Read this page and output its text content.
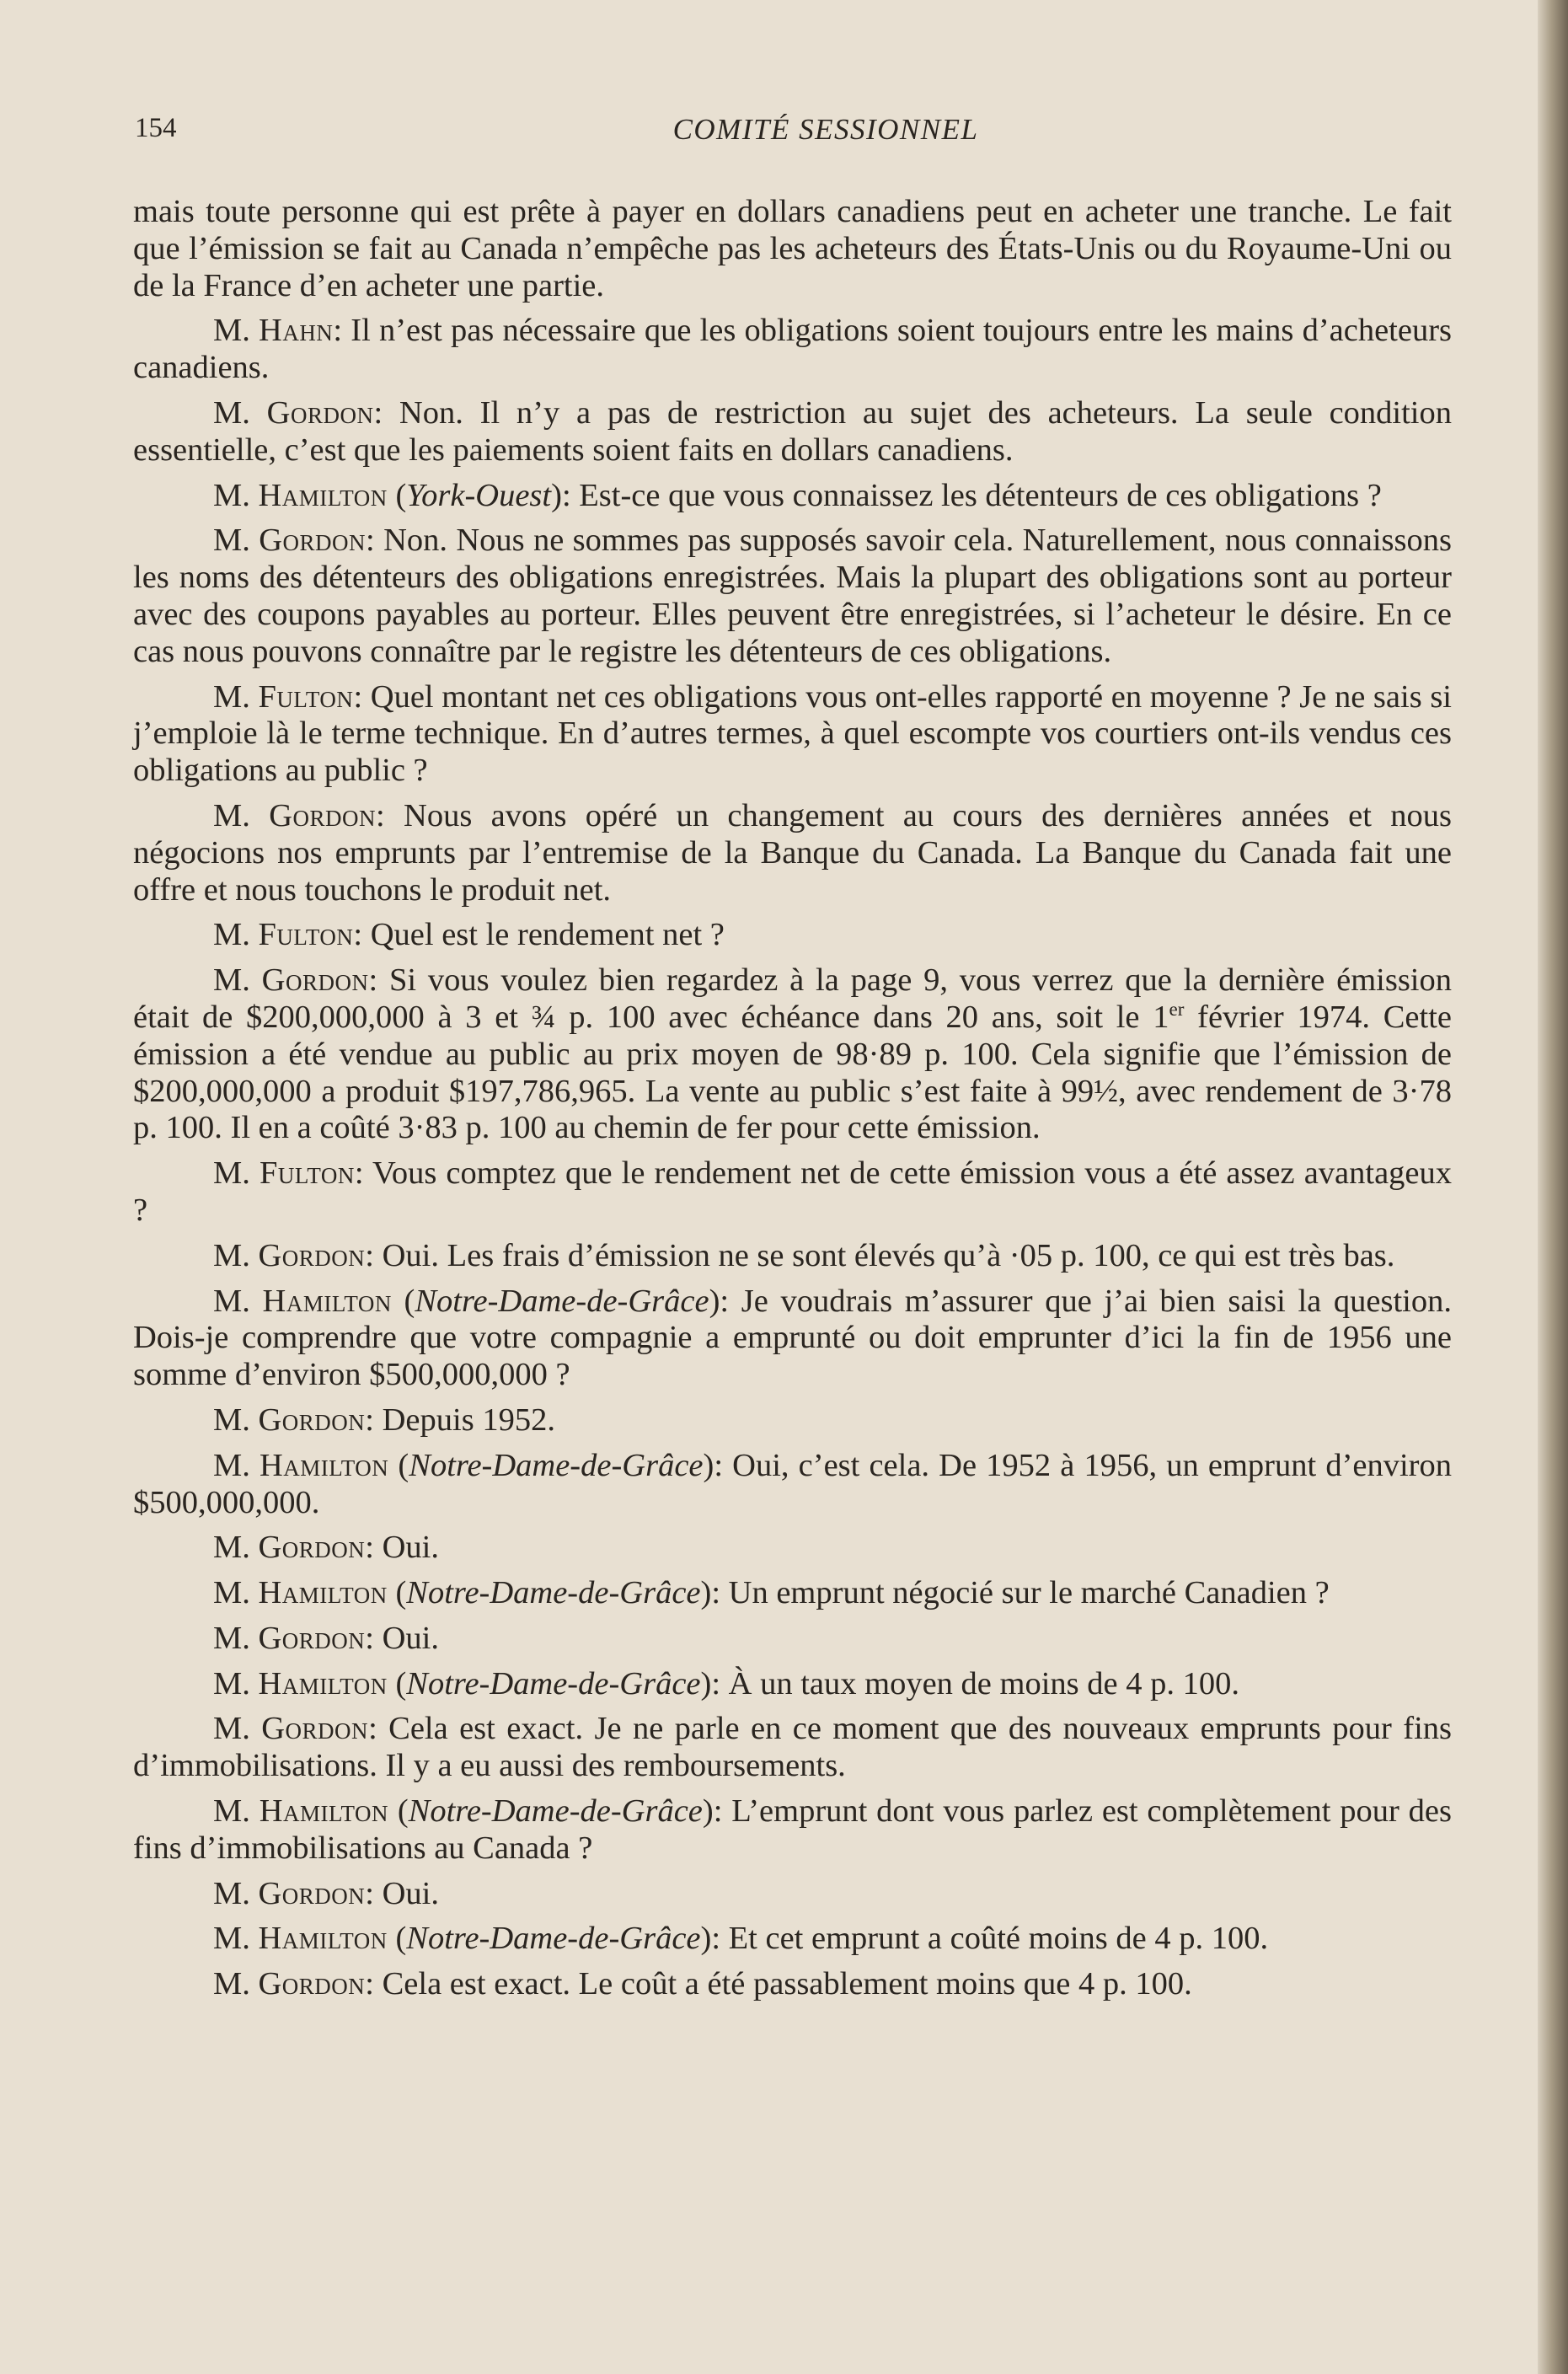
154	COMITÉ SESSIONNEL

mais toute personne qui est prête à payer en dollars canadiens peut en acheter une tranche. Le fait que l’émission se fait au Canada n’empêche pas les acheteurs des États-Unis ou du Royaume-Uni ou de la France d’en acheter une partie.

M. Hahn: Il n’est pas nécessaire que les obligations soient toujours entre les mains d’acheteurs canadiens.

M. Gordon: Non. Il n’y a pas de restriction au sujet des acheteurs. La seule condition essentielle, c’est que les paiements soient faits en dollars canadiens.

M. Hamilton (York-Ouest): Est-ce que vous connaissez les détenteurs de ces obligations ?

M. Gordon: Non. Nous ne sommes pas supposés savoir cela. Naturellement, nous connaissons les noms des détenteurs des obligations enregistrées. Mais la plupart des obligations sont au porteur avec des coupons payables au porteur. Elles peuvent être enregistrées, si l’acheteur le désire. En ce cas nous pouvons connaître par le registre les détenteurs de ces obligations.

M. Fulton: Quel montant net ces obligations vous ont-elles rapporté en moyenne ? Je ne sais si j’emploie là le terme technique. En d’autres termes, à quel escompte vos courtiers ont-ils vendus ces obligations au public ?

M. Gordon: Nous avons opéré un changement au cours des dernières années et nous négocions nos emprunts par l’entremise de la Banque du Canada. La Banque du Canada fait une offre et nous touchons le produit net.

M. Fulton: Quel est le rendement net ?

M. Gordon: Si vous voulez bien regardez à la page 9, vous verrez que la dernière émission était de $200,000,000 à 3 et ¾ p. 100 avec échéance dans 20 ans, soit le 1er février 1974. Cette émission a été vendue au public au prix moyen de 98·89 p. 100. Cela signifie que l’émission de $200,000,000 a produit $197,786,965. La vente au public s’est faite à 99½, avec rendement de 3·78 p. 100. Il en a coûté 3·83 p. 100 au chemin de fer pour cette émission.

M. Fulton: Vous comptez que le rendement net de cette émission vous a été assez avantageux ?

M. Gordon: Oui. Les frais d’émission ne se sont élevés qu’à ·05 p. 100, ce qui est très bas.

M. Hamilton (Notre-Dame-de-Grâce): Je voudrais m’assurer que j’ai bien saisi la question. Dois-je comprendre que votre compagnie a emprunté ou doit emprunter d’ici la fin de 1956 une somme d’environ $500,000,000 ?

M. Gordon: Depuis 1952.

M. Hamilton (Notre-Dame-de-Grâce): Oui, c’est cela. De 1952 à 1956, un emprunt d’environ $500,000,000.

M. Gordon: Oui.

M. Hamilton (Notre-Dame-de-Grâce): Un emprunt négocié sur le marché Canadien ?

M. Gordon: Oui.

M. Hamilton (Notre-Dame-de-Grâce): À un taux moyen de moins de 4 p. 100.

M. Gordon: Cela est exact. Je ne parle en ce moment que des nouveaux emprunts pour fins d’immobilisations. Il y a eu aussi des remboursements.

M. Hamilton (Notre-Dame-de-Grâce): L’emprunt dont vous parlez est complètement pour des fins d’immobilisations au Canada ?

M. Gordon: Oui.

M. Hamilton (Notre-Dame-de-Grâce): Et cet emprunt a coûté moins de 4 p. 100.

M. Gordon: Cela est exact. Le coût a été passablement moins que 4 p. 100.
